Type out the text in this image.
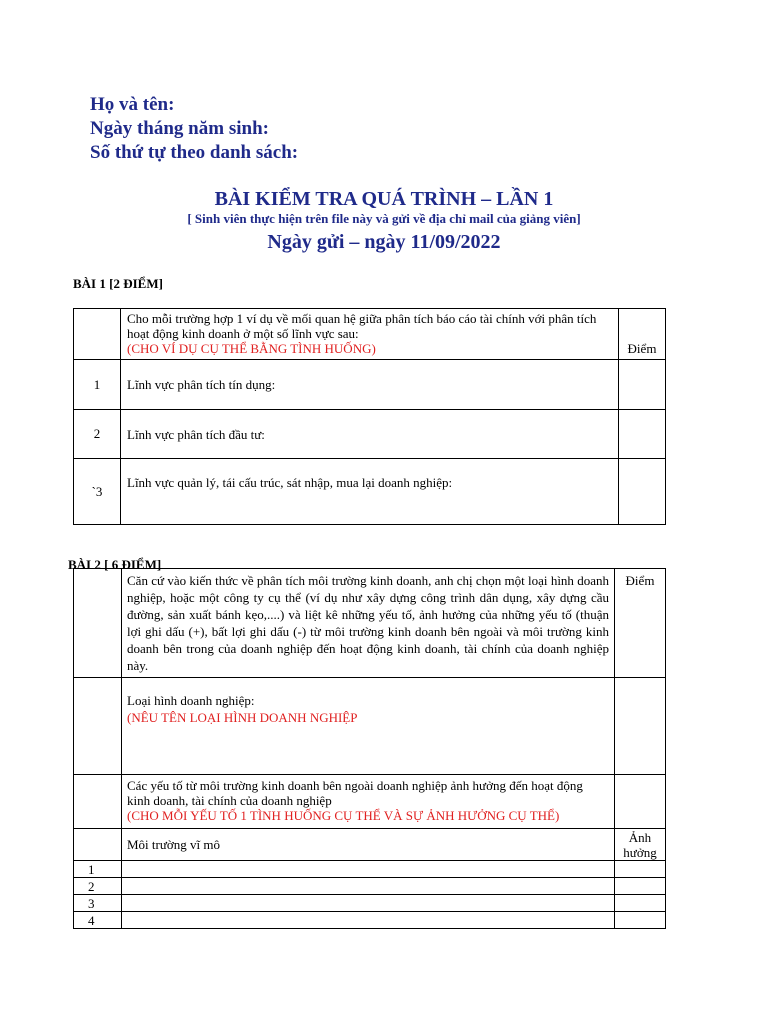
Họ và tên:
Ngày tháng năm sinh:
Số thứ tự theo danh sách:
BÀI KIỂM TRA QUÁ TRÌNH – LẦN 1
[ Sinh viên thực hiện trên file này và gửi về địa chỉ mail của giảng viên]
Ngày gửi – ngày 11/09/2022
BÀI 1 [2 ĐIỂM]
	Cho mỗi trường hợp 1 ví dụ về mối quan hệ giữa phân tích báo cáo tài chính với phân tích hoạt động kinh doanh ở một số lĩnh vực sau:
(CHO VÍ DỤ CỤ THỂ BẰNG TÌNH HUỐNG)	Điểm
1	Lĩnh vực phân tích tín dụng:	
2	Lĩnh vực phân tích đầu tư:	
`3	Lĩnh vực quản lý, tái cấu trúc, sát nhập, mua lại doanh nghiệp:	
BÀI 2 [ 6 ĐIỂM]
	Căn cứ vào kiến thức về phân tích môi trường kinh doanh, anh chị chọn một loại hình doanh nghiệp, hoặc một công ty cụ thể (ví dụ như xây dựng công trình dân dụng, xây dựng cầu đường, sản xuất bánh kẹo,....) và liệt kê những yếu tố, ảnh hưởng của những yếu tố (thuận lợi ghi dấu (+), bất lợi ghi dấu (-) từ môi trường kinh doanh bên ngoài và môi trường kinh doanh bên trong của doanh nghiệp đến hoạt động kinh doanh, tài chính của doanh nghiệp này.	Điểm
	Loại hình doanh nghiệp:
(NÊU TÊN LOẠI HÌNH DOANH NGHIỆP	
	Các yếu tố từ môi trường kinh doanh bên ngoài doanh nghiệp ảnh hưởng đến hoạt động kinh doanh, tài chính của doanh nghiệp
(CHO MỖI YẾU TỐ 1 TÌNH HUỐNG CỤ THỂ VÀ SỰ ẢNH HƯỞNG CỤ THỂ)	
	Môi trường vĩ mô	Ảnh hưởng
1		
2		
3		
4		
